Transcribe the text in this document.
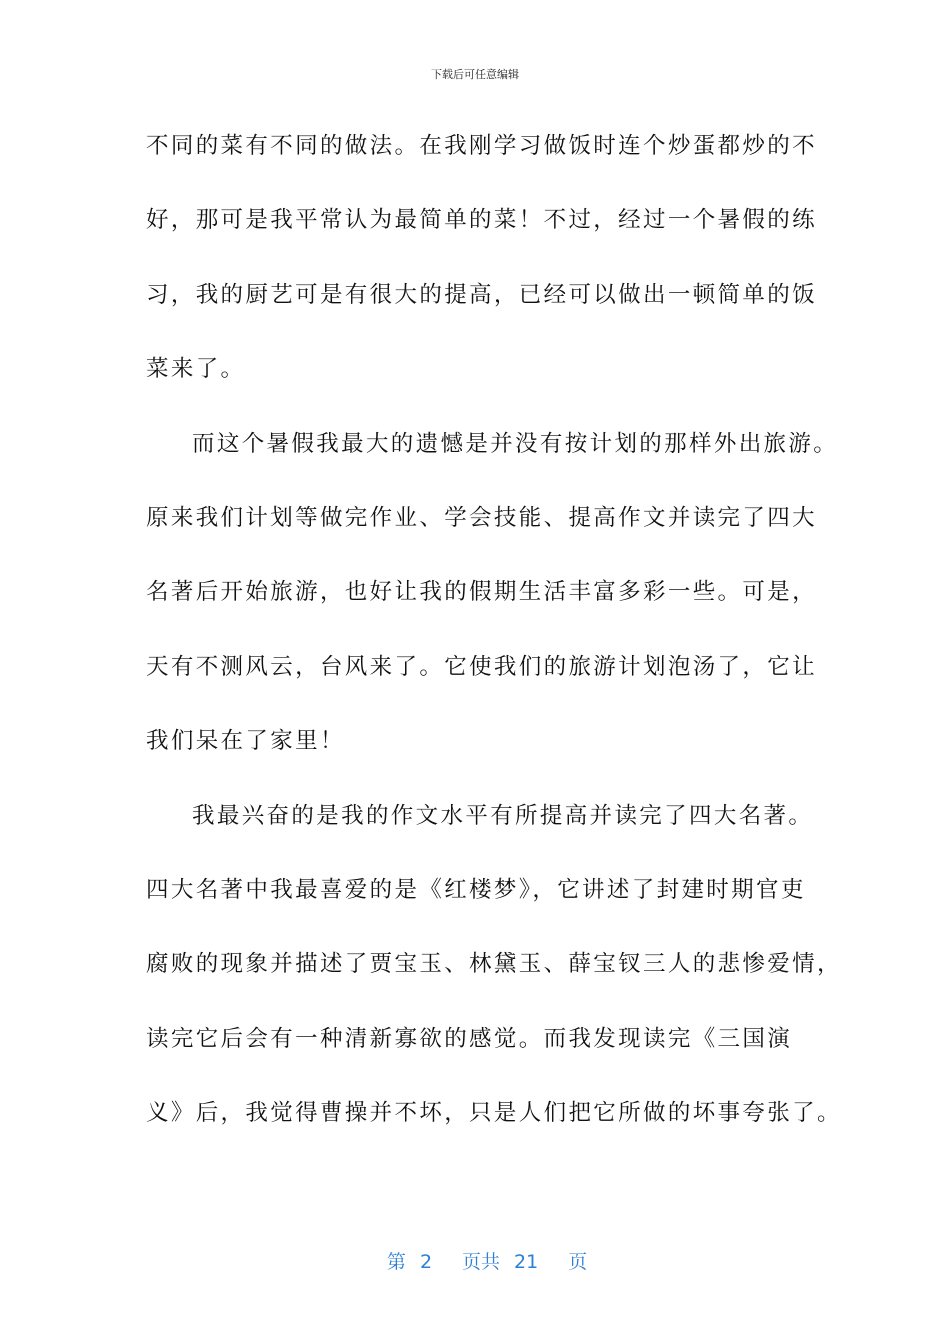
下载后可任意编辑
不同的菜有不同的做法。在我刚学习做饭时连个炒蛋都炒的不
好，那可是我平常认为最简单的菜！不过，经过一个暑假的练
习，我的厨艺可是有很大的提高，已经可以做出一顿简单的饭
菜来了。
而这个暑假我最大的遗憾是并没有按计划的那样外出旅游。
原来我们计划等做完作业、学会技能、提高作文并读完了四大
名著后开始旅游，也好让我的假期生活丰富多彩一些。可是，
天有不测风云，台风来了。它使我们的旅游计划泡汤了，它让
我们呆在了家里！
我最兴奋的是我的作文水平有所提高并读完了四大名著。
四大名著中我最喜爱的是《红楼梦》，它讲述了封建时期官吏
腐败的现象并描述了贾宝玉、林黛玉、薛宝钗三人的悲惨爱情，
读完它后会有一种清新寡欲的感觉。而我发现读完《三国演
义》后，我觉得曹操并不坏，只是人们把它所做的坏事夸张了。

第 2 页共 21 页
